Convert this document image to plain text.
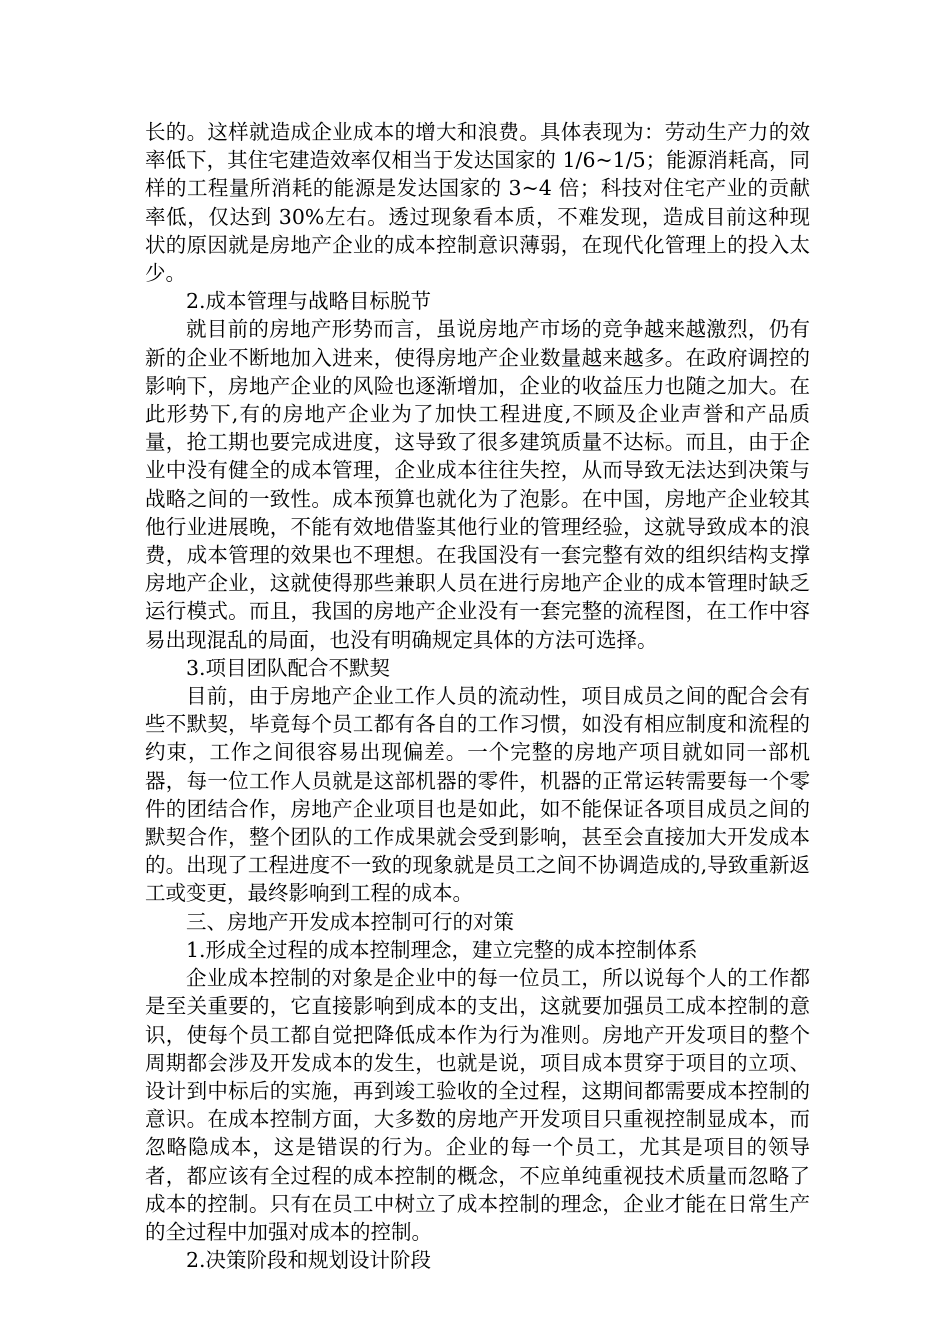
长的。这样就造成企业成本的增大和浪费。具体表现为：劳动生产力的效率低下，其住宅建造效率仅相当于发达国家的 1/6~1/5；能源消耗高，同样的工程量所消耗的能源是发达国家的 3~4 倍；科技对住宅产业的贡献率低，仅达到 30%左右。透过现象看本质，不难发现，造成目前这种现状的原因就是房地产企业的成本控制意识薄弱，在现代化管理上的投入太少。

2.成本管理与战略目标脱节

就目前的房地产形势而言，虽说房地产市场的竞争越来越激烈，仍有新的企业不断地加入进来，使得房地产企业数量越来越多。在政府调控的影响下，房地产企业的风险也逐渐增加，企业的收益压力也随之加大。在此形势下,有的房地产企业为了加快工程进度,不顾及企业声誉和产品质量，抢工期也要完成进度，这导致了很多建筑质量不达标。而且，由于企业中没有健全的成本管理，企业成本往往失控，从而导致无法达到决策与战略之间的一致性。成本预算也就化为了泡影。在中国，房地产企业较其他行业进展晚，不能有效地借鉴其他行业的管理经验，这就导致成本的浪费，成本管理的效果也不理想。在我国没有一套完整有效的组织结构支撑房地产企业，这就使得那些兼职人员在进行房地产企业的成本管理时缺乏运行模式。而且，我国的房地产企业没有一套完整的流程图，在工作中容易出现混乱的局面，也没有明确规定具体的方法可选择。

3.项目团队配合不默契

目前，由于房地产企业工作人员的流动性，项目成员之间的配合会有些不默契，毕竟每个员工都有各自的工作习惯，如没有相应制度和流程的约束，工作之间很容易出现偏差。一个完整的房地产项目就如同一部机器，每一位工作人员就是这部机器的零件，机器的正常运转需要每一个零件的团结合作，房地产企业项目也是如此，如不能保证各项目成员之间的默契合作，整个团队的工作成果就会受到影响，甚至会直接加大开发成本的。出现了工程进度不一致的现象就是员工之间不协调造成的,导致重新返工或变更，最终影响到工程的成本。

三、房地产开发成本控制可行的对策

1.形成全过程的成本控制理念，建立完整的成本控制体系

企业成本控制的对象是企业中的每一位员工，所以说每个人的工作都是至关重要的，它直接影响到成本的支出，这就要加强员工成本控制的意识，使每个员工都自觉把降低成本作为行为准则。房地产开发项目的整个周期都会涉及开发成本的发生，也就是说，项目成本贯穿于项目的立项、设计到中标后的实施，再到竣工验收的全过程，这期间都需要成本控制的意识。在成本控制方面，大多数的房地产开发项目只重视控制显成本，而忽略隐成本，这是错误的行为。企业的每一个员工，尤其是项目的领导者，都应该有全过程的成本控制的概念，不应单纯重视技术质量而忽略了成本的控制。只有在员工中树立了成本控制的理念，企业才能在日常生产的全过程中加强对成本的控制。

2.决策阶段和规划设计阶段
